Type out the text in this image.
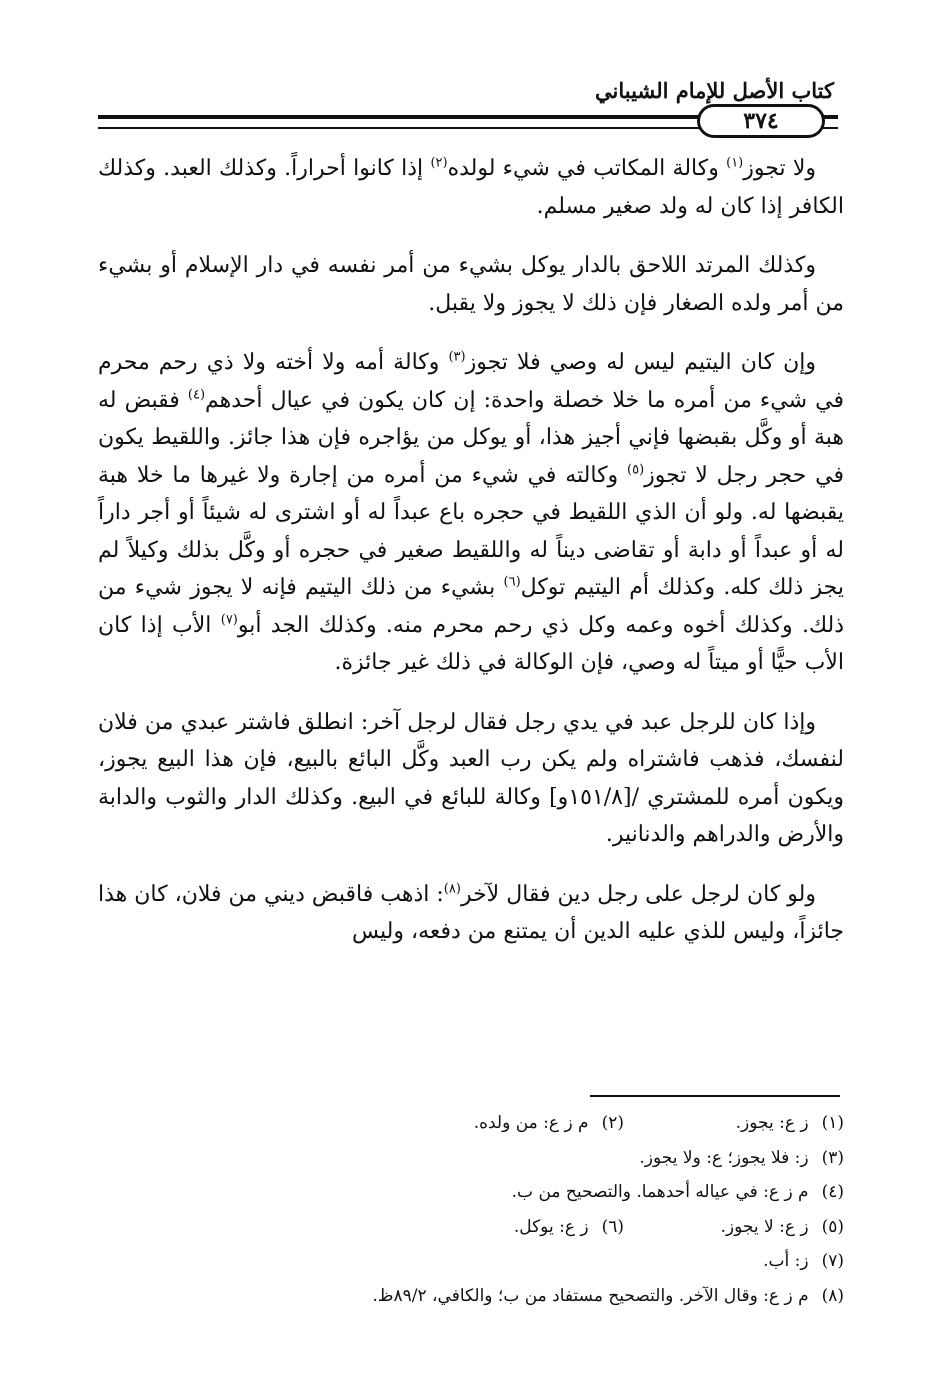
كتاب الأصل للإمام الشيباني
٣٧٤

ولا تجوز$^{(١)}$ وكالة المكاتب في شيء لولده$^{(٢)}$ إذا كانوا أحراراً. وكذلك العبد. وكذلك الكافر إذا كان له ولد صغير مسلم.

وكذلك المرتد اللاحق بالدار يوكل بشيء من أمر نفسه في دار الإسلام أو بشيء من أمر ولده الصغار فإن ذلك لا يجوز ولا يقبل.

وإن كان اليتيم ليس له وصي فلا تجوز$^{(٣)}$ وكالة أمه ولا أخته ولا ذي رحم محرم في شيء من أمره ما خلا خصلة واحدة: إن كان يكون في عيال أحدهم$^{(٤)}$ فقبض له هبة أو وكَّل بقبضها فإني أجيز هذا، أو يوكل من يؤاجره فإن هذا جائز. واللقيط يكون في حجر رجل لا تجوز$^{(٥)}$ وكالته في شيء من أمره من إجارة ولا غيرها ما خلا هبة يقبضها له. ولو أن الذي اللقيط في حجره باع عبداً له أو اشترى له شيئاً أو أجر داراً له أو عبداً أو دابة أو تقاضى ديناً له واللقيط صغير في حجره أو وكَّل بذلك وكيلاً لم يجز ذلك كله. وكذلك أم اليتيم توكل$^{(٦)}$ بشيء من ذلك اليتيم فإنه لا يجوز شيء من ذلك. وكذلك أخوه وعمه وكل ذي رحم محرم منه. وكذلك الجد أبو$^{(٧)}$ الأب إذا كان الأب حيًّا أو ميتاً له وصي، فإن الوكالة في ذلك غير جائزة.

وإذا كان للرجل عبد في يدي رجل فقال لرجل آخر: انطلق فاشتر عبدي من فلان لنفسك، فذهب فاشتراه ولم يكن رب العبد وكَّل البائع بالبيع، فإن هذا البيع يجوز، ويكون أمره للمشتري /[١٥١/٨و] وكالة للبائع في البيع. وكذلك الدار والثوب والدابة والأرض والدراهم والدنانير.

ولو كان لرجل على رجل دين فقال لآخر$^{(٨)}$: اذهب فاقبض ديني من فلان، كان هذا جائزاً، وليس للذي عليه الدين أن يمتنع من دفعه، وليس

(١) ز ع: يجوز.
(٢) م ز ع: من ولده.
(٣) ز: فلا يجوز؛ ع: ولا يجوز.
(٤) م ز ع: في عياله أحدهما. والتصحيح من ب.
(٥) ز ع: لا يجوز.
(٦) ز ع: يوكل.
(٧) ز: أب.
(٨) م ز ع: وقال الآخر. والتصحيح مستفاد من ب؛ والكافي، ٨٩/٢ظ.
